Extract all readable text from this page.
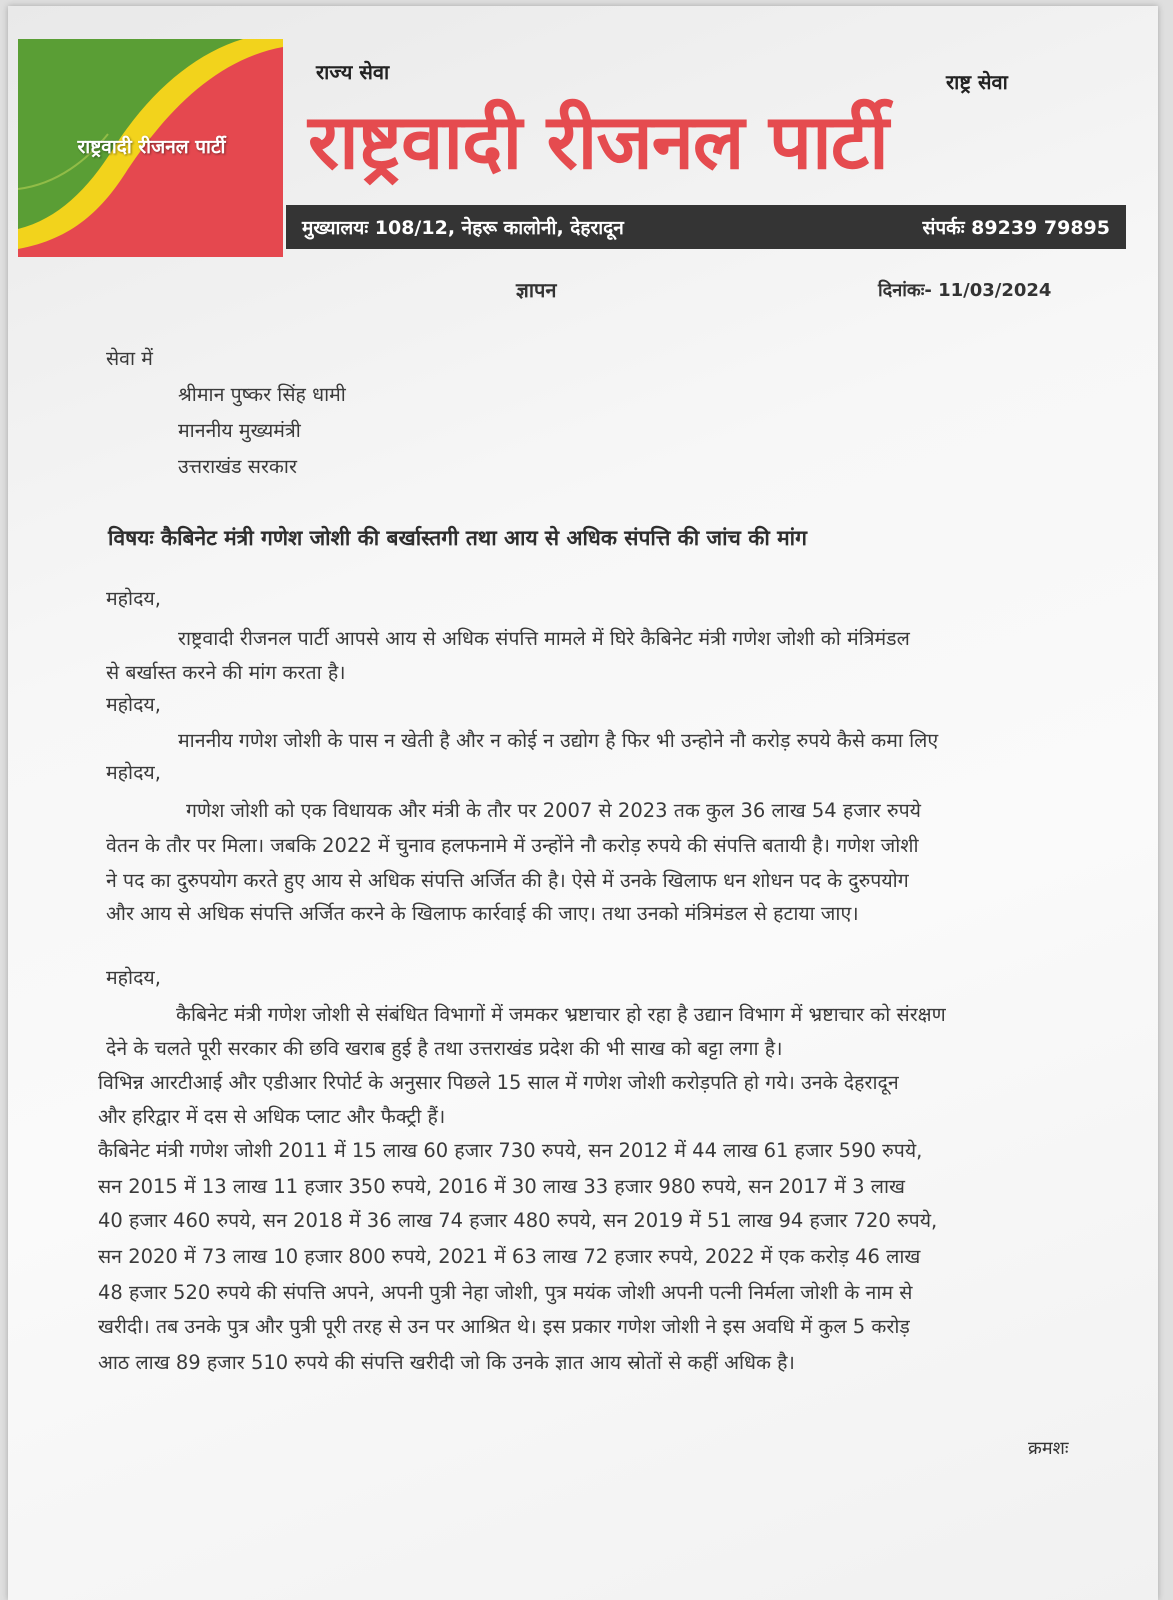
राष्ट्रवादी रीजनल पार्टी
राज्य सेवा	राष्ट्र सेवा
राष्ट्रवादी रीजनल पार्टी
मुख्यालयः 108/12, नेहरू कालोनी, देहरादून	संपर्कः 89239 79895
ज्ञापन	दिनांकः- 11/03/2024
सेवा में
श्रीमान पुष्कर सिंह धामी
माननीय मुख्यमंत्री
उत्तराखंड सरकार
विषयः कैबिनेट मंत्री गणेश जोशी की बर्खास्तगी तथा आय से अधिक संपत्ति की जांच की मांग
महोदय,
राष्ट्रवादी रीजनल पार्टी आपसे आय से अधिक संपत्ति मामले में घिरे कैबिनेट मंत्री गणेश जोशी को मंत्रिमंडल
से बर्खास्त करने की मांग करता है।
महोदय,
माननीय गणेश जोशी के पास न खेती है और न कोई न उद्योग है फिर भी उन्होने नौ करोड़ रुपये कैसे कमा लिए
महोदय,
गणेश जोशी को एक विधायक और मंत्री के तौर पर 2007 से 2023 तक कुल 36 लाख 54 हजार रुपये
वेतन के तौर पर मिला। जबकि 2022 में चुनाव हलफनामे में उन्होंने नौ करोड़ रुपये की संपत्ति बतायी है। गणेश जोशी
ने पद का दुरुपयोग करते हुए आय से अधिक संपत्ति अर्जित की है। ऐसे में उनके खिलाफ धन शोधन पद के दुरुपयोग
और आय से अधिक संपत्ति अर्जित करने के खिलाफ कार्रवाई की जाए। तथा उनको मंत्रिमंडल से हटाया जाए।
महोदय,
कैबिनेट मंत्री गणेश जोशी से संबंधित विभागों में जमकर भ्रष्टाचार हो रहा है उद्यान विभाग में भ्रष्टाचार को संरक्षण
देने के चलते पूरी सरकार की छवि खराब हुई है तथा उत्तराखंड प्रदेश की भी साख को बट्टा लगा है।
विभिन्न आरटीआई और एडीआर रिपोर्ट के अनुसार पिछले 15 साल में गणेश जोशी करोड़पति हो गये। उनके देहरादून
और हरिद्वार में दस से अधिक प्लाट और फैक्ट्री हैं।
कैबिनेट मंत्री गणेश जोशी 2011 में 15 लाख 60 हजार 730 रुपये, सन 2012 में 44 लाख 61 हजार 590 रुपये,
सन 2015 में 13 लाख 11 हजार 350 रुपये, 2016 में 30 लाख 33 हजार 980 रुपये, सन 2017 में 3 लाख
40 हजार 460 रुपये, सन 2018 में 36 लाख 74 हजार 480 रुपये, सन 2019 में 51 लाख 94 हजार 720 रुपये,
सन 2020 में 73 लाख 10 हजार 800 रुपये, 2021 में 63 लाख 72 हजार रुपये, 2022 में एक करोड़ 46 लाख
48 हजार 520 रुपये की संपत्ति अपने, अपनी पुत्री नेहा जोशी, पुत्र मयंक जोशी अपनी पत्नी निर्मला जोशी के नाम से
खरीदी। तब उनके पुत्र और पुत्री पूरी तरह से उन पर आश्रित थे। इस प्रकार गणेश जोशी ने इस अवधि में कुल 5 करोड़
आठ लाख 89 हजार 510 रुपये की संपत्ति खरीदी जो कि उनके ज्ञात आय स्रोतों से कहीं अधिक है।
क्रमशः
